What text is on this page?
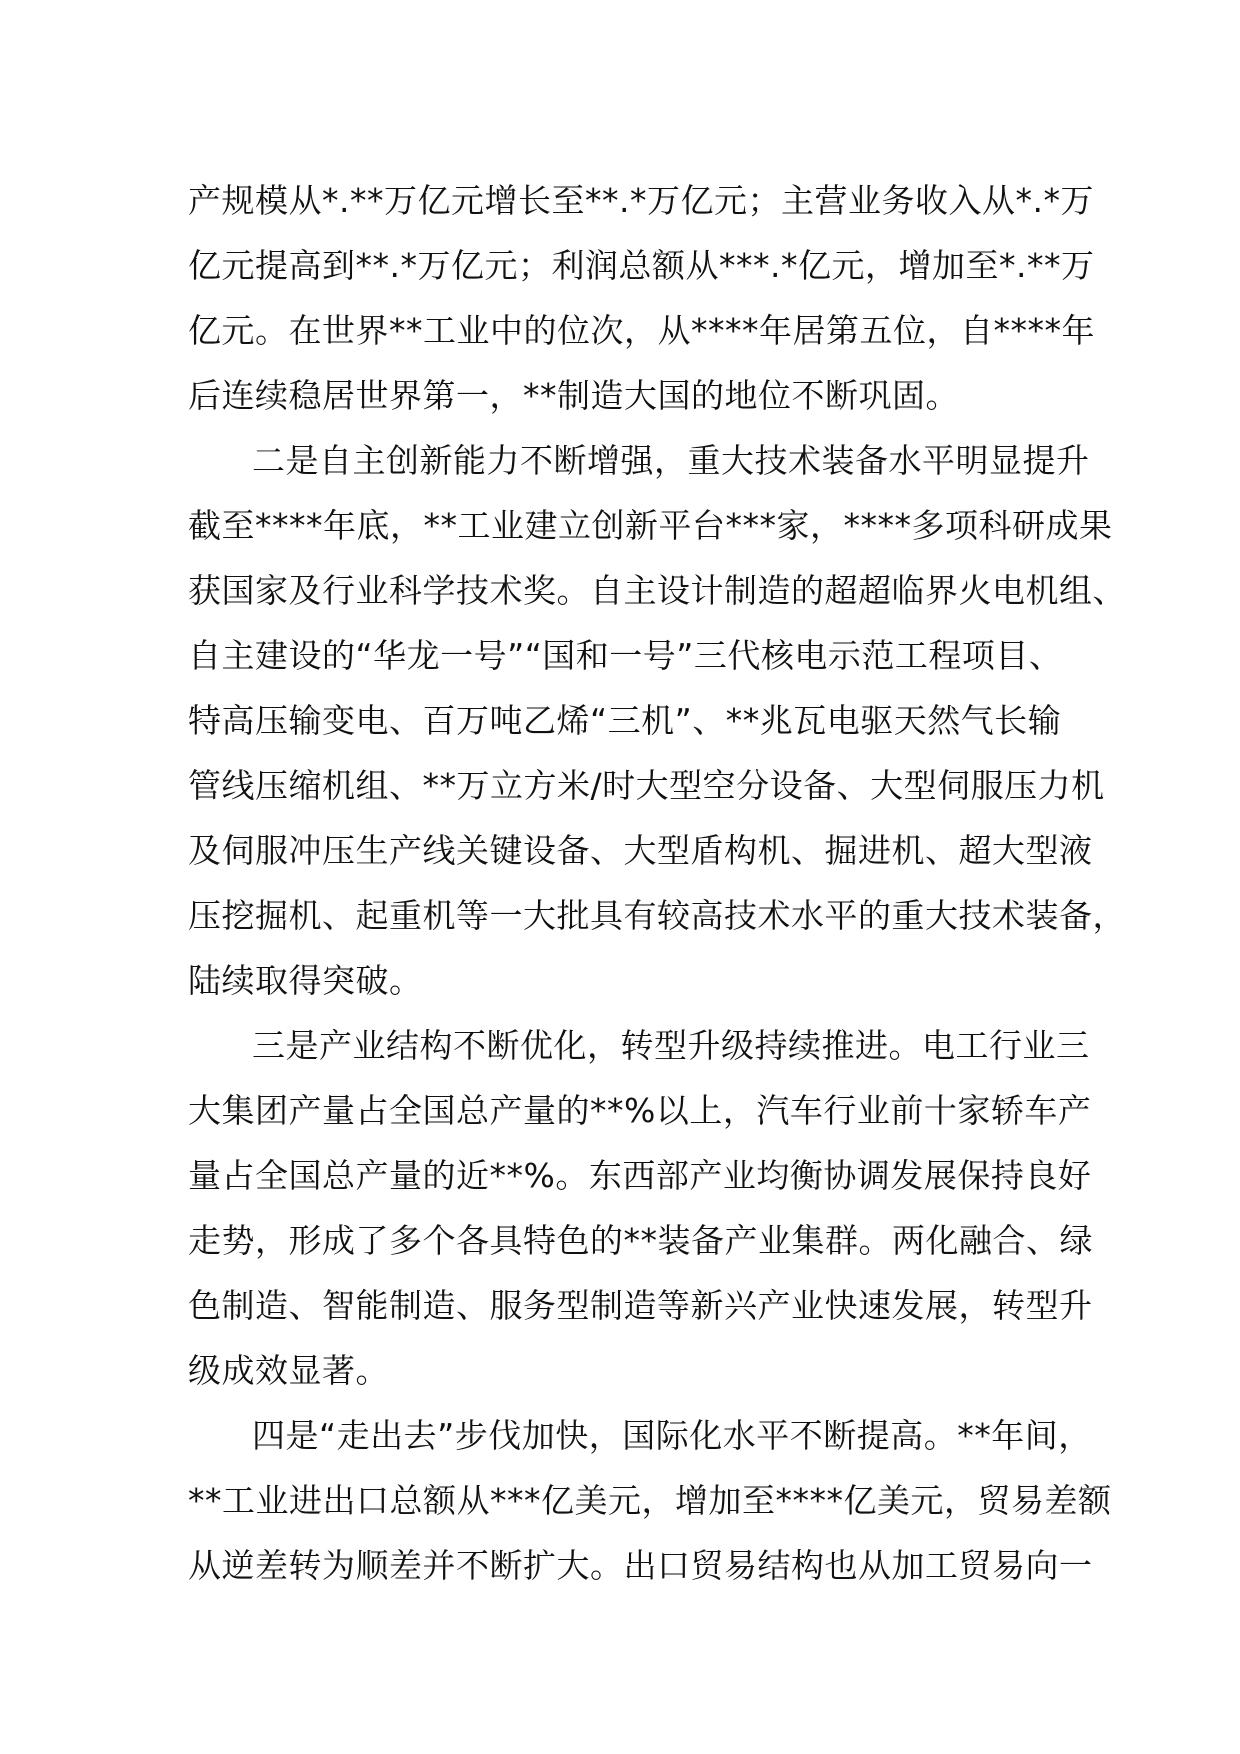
产规模从*.**万亿元增长至**.*万亿元；主营业务收入从*.*万
亿元提高到**.*万亿元；利润总额从***.*亿元，增加至*.**万
亿元。在世界**工业中的位次，从****年居第五位，自****年
后连续稳居世界第一，**制造大国的地位不断巩固。
二是自主创新能力不断增强，重大技术装备水平明显提升
截至****年底，**工业建立创新平台***家，****多项科研成果
获国家及行业科学技术奖。自主设计制造的超超临界火电机组、
自主建设的“华龙一号”“国和一号”三代核电示范工程项目、
特高压输变电、百万吨乙烯“三机”、**兆瓦电驱天然气长输
管线压缩机组、**万立方米/时大型空分设备、大型伺服压力机
及伺服冲压生产线关键设备、大型盾构机、掘进机、超大型液
压挖掘机、起重机等一大批具有较高技术水平的重大技术装备，
陆续取得突破。
三是产业结构不断优化，转型升级持续推进。电工行业三
大集团产量占全国总产量的**%以上，汽车行业前十家轿车产
量占全国总产量的近**%。东西部产业均衡协调发展保持良好
走势，形成了多个各具特色的**装备产业集群。两化融合、绿
色制造、智能制造、服务型制造等新兴产业快速发展，转型升
级成效显著。
四是“走出去”步伐加快，国际化水平不断提高。**年间，
**工业进出口总额从***亿美元，增加至****亿美元，贸易差额
从逆差转为顺差并不断扩大。出口贸易结构也从加工贸易向一
